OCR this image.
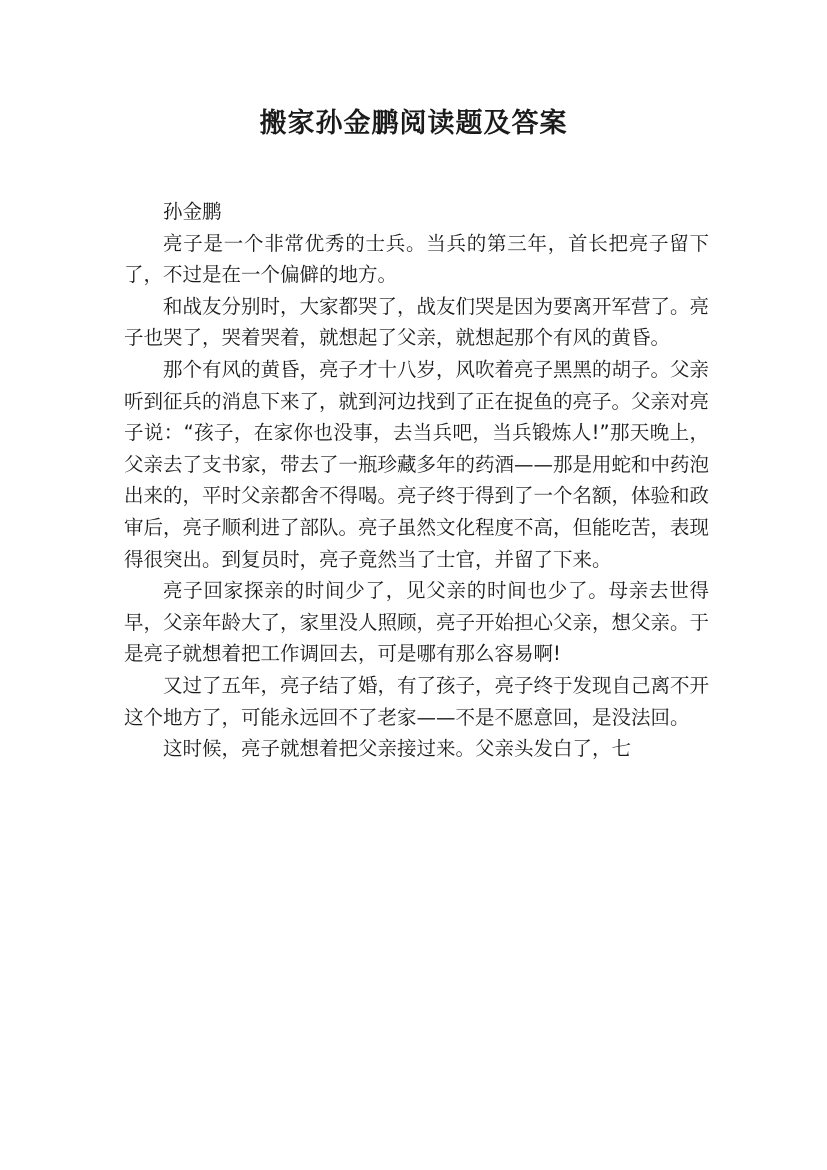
搬家孙金鹏阅读题及答案

孙金鹏

亮子是一个非常优秀的士兵。当兵的第三年，首长把亮子留下了，不过是在一个偏僻的地方。

和战友分别时，大家都哭了，战友们哭是因为要离开军营了。亮子也哭了，哭着哭着，就想起了父亲，就想起那个有风的黄昏。

那个有风的黄昏，亮子才十八岁，风吹着亮子黑黑的胡子。父亲听到征兵的消息下来了，就到河边找到了正在捉鱼的亮子。父亲对亮子说：“孩子，在家你也没事，去当兵吧，当兵锻炼人!”那天晚上，父亲去了支书家，带去了一瓶珍藏多年的药酒——那是用蛇和中药泡出来的，平时父亲都舍不得喝。亮子终于得到了一个名额，体验和政审后，亮子顺利进了部队。亮子虽然文化程度不高，但能吃苦，表现得很突出。到复员时，亮子竟然当了士官，并留了下来。

亮子回家探亲的时间少了，见父亲的时间也少了。母亲去世得早，父亲年龄大了，家里没人照顾，亮子开始担心父亲，想父亲。于是亮子就想着把工作调回去，可是哪有那么容易啊!

又过了五年，亮子结了婚，有了孩子，亮子终于发现自己离不开这个地方了，可能永远回不了老家——不是不愿意回，是没法回。

这时候，亮子就想着把父亲接过来。父亲头发白了，七
